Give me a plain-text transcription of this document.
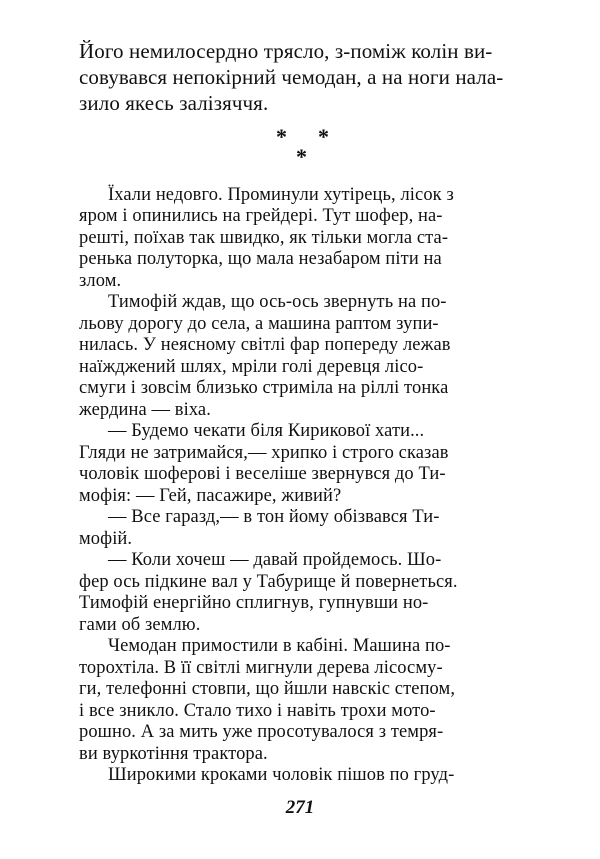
Його немилосердно трясло, з-поміж колін ви-
совувався непокірний чемодан, а на ноги нала-
зило якесь залізяччя.
* *
*
Їхали недовго. Проминули хутірець, лісок з
яром і опинились на грейдері. Тут шофер, на-
решті, поїхав так швидко, як тільки могла ста-
ренька полуторка, що мала незабаром піти на
злом.
Тимофій ждав, що ось-ось звернуть на по-
льову дорогу до села, а машина раптом зупи-
нилась. У неясному світлі фар попереду лежав
наїжджений шлях, мріли голі деревця лісо-
смуги і зовсім близько стриміла на ріллі тонка
жердина — віха.
— Будемо чекати біля Кирикової хати...
Гляди не затримайся,— хрипко і строго сказав
чоловік шоферові і веселіше звернувся до Ти-
мофія: — Гей, пасажире, живий?
— Все гаразд,— в тон йому обізвався Ти-
мофій.
— Коли хочеш — давай пройдемось. Шо-
фер ось підкине вал у Табурище й повернеться.
Тимофій енергійно сплигнув, гупнувши но-
гами об землю.
Чемодан примостили в кабіні. Машина по-
торохтіла. В її світлі мигнули дерева лісосму-
ги, телефонні стовпи, що йшли навскіс степом,
і все зникло. Стало тихо і навіть трохи мото-
рошно. А за мить уже просотувалося з темря-
ви вуркотіння трактора.
Широкими кроками чоловік пішов по груд-
271
